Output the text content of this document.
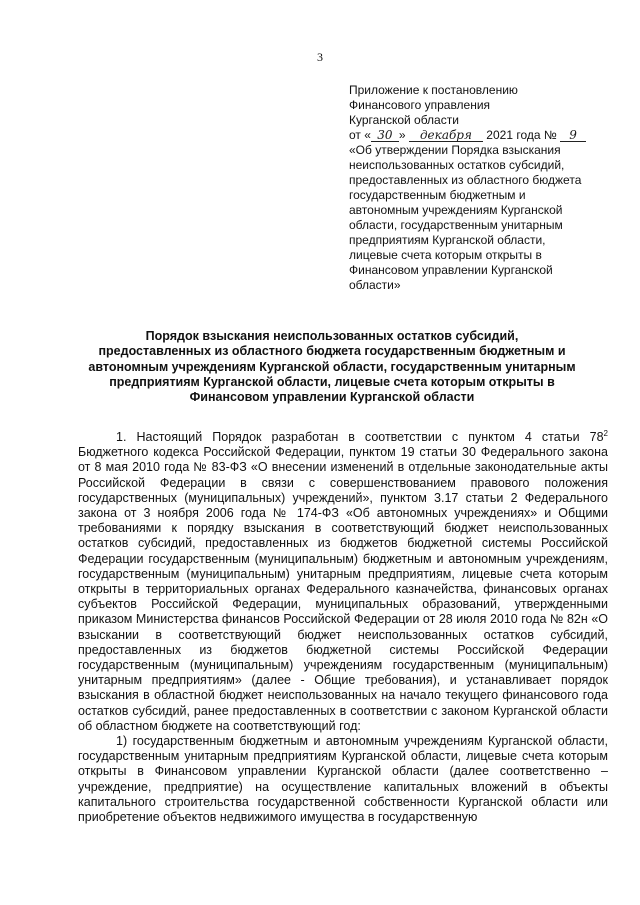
3
Приложение к постановлению
Финансового управления
Курганской области
от « 30 » декабря 2021 года № 9
«Об утверждении Порядка взыскания
неиспользованных остатков субсидий,
предоставленных из областного бюджета
государственным бюджетным и
автономным учреждениям Курганской
области, государственным унитарным
предприятиям Курганской области,
лицевые счета которым открыты в
Финансовом управлении Курганской
области»
Порядок взыскания неиспользованных остатков субсидий,
предоставленных из областного бюджета государственным бюджетным и
автономным учреждениям Курганской области, государственным унитарным
предприятиям Курганской области, лицевые счета которым открыты в
Финансовом управлении Курганской области

1. Настоящий Порядок разработан в соответствии с пунктом 4 статьи $78^2$ Бюджетного кодекса Российской Федерации, пунктом 19 статьи 30 Федерального закона от 8 мая 2010 года № 83-ФЗ «О внесении изменений в отдельные законодательные акты Российской Федерации в связи с совершенствованием правового положения государственных (муниципальных) учреждений», пунктом 3.17 статьи 2 Федерального закона от 3 ноября 2006 года № 174-ФЗ «Об автономных учреждениях» и Общими требованиями к порядку взыскания в соответствующий бюджет неиспользованных остатков субсидий, предоставленных из бюджетов бюджетной системы Российской Федерации государственным (муниципальным) бюджетным и автономным учреждениям, государственным (муниципальным) унитарным предприятиям, лицевые счета которым открыты в территориальных органах Федерального казначейства, финансовых органах субъектов Российской Федерации, муниципальных образований, утвержденными приказом Министерства финансов Российской Федерации от 28 июля 2010 года № 82н «О взыскании в соответствующий бюджет неиспользованных остатков субсидий, предоставленных из бюджетов бюджетной системы Российской Федерации государственным (муниципальным) учреждениям государственным (муниципальным) унитарным предприятиям» (далее - Общие требования), и устанавливает порядок взыскания в областной бюджет неиспользованных на начало текущего финансового года остатков субсидий, ранее предоставленных в соответствии с законом Курганской области об областном бюджете на соответствующий год:

1) государственным бюджетным и автономным учреждениям Курганской области, государственным унитарным предприятиям Курганской области, лицевые счета которым открыты в Финансовом управлении Курганской области (далее соответственно – учреждение, предприятие) на осуществление капитальных вложений в объекты капитального строительства государственной собственности Курганской области или приобретение объектов недвижимого имущества в государственную
